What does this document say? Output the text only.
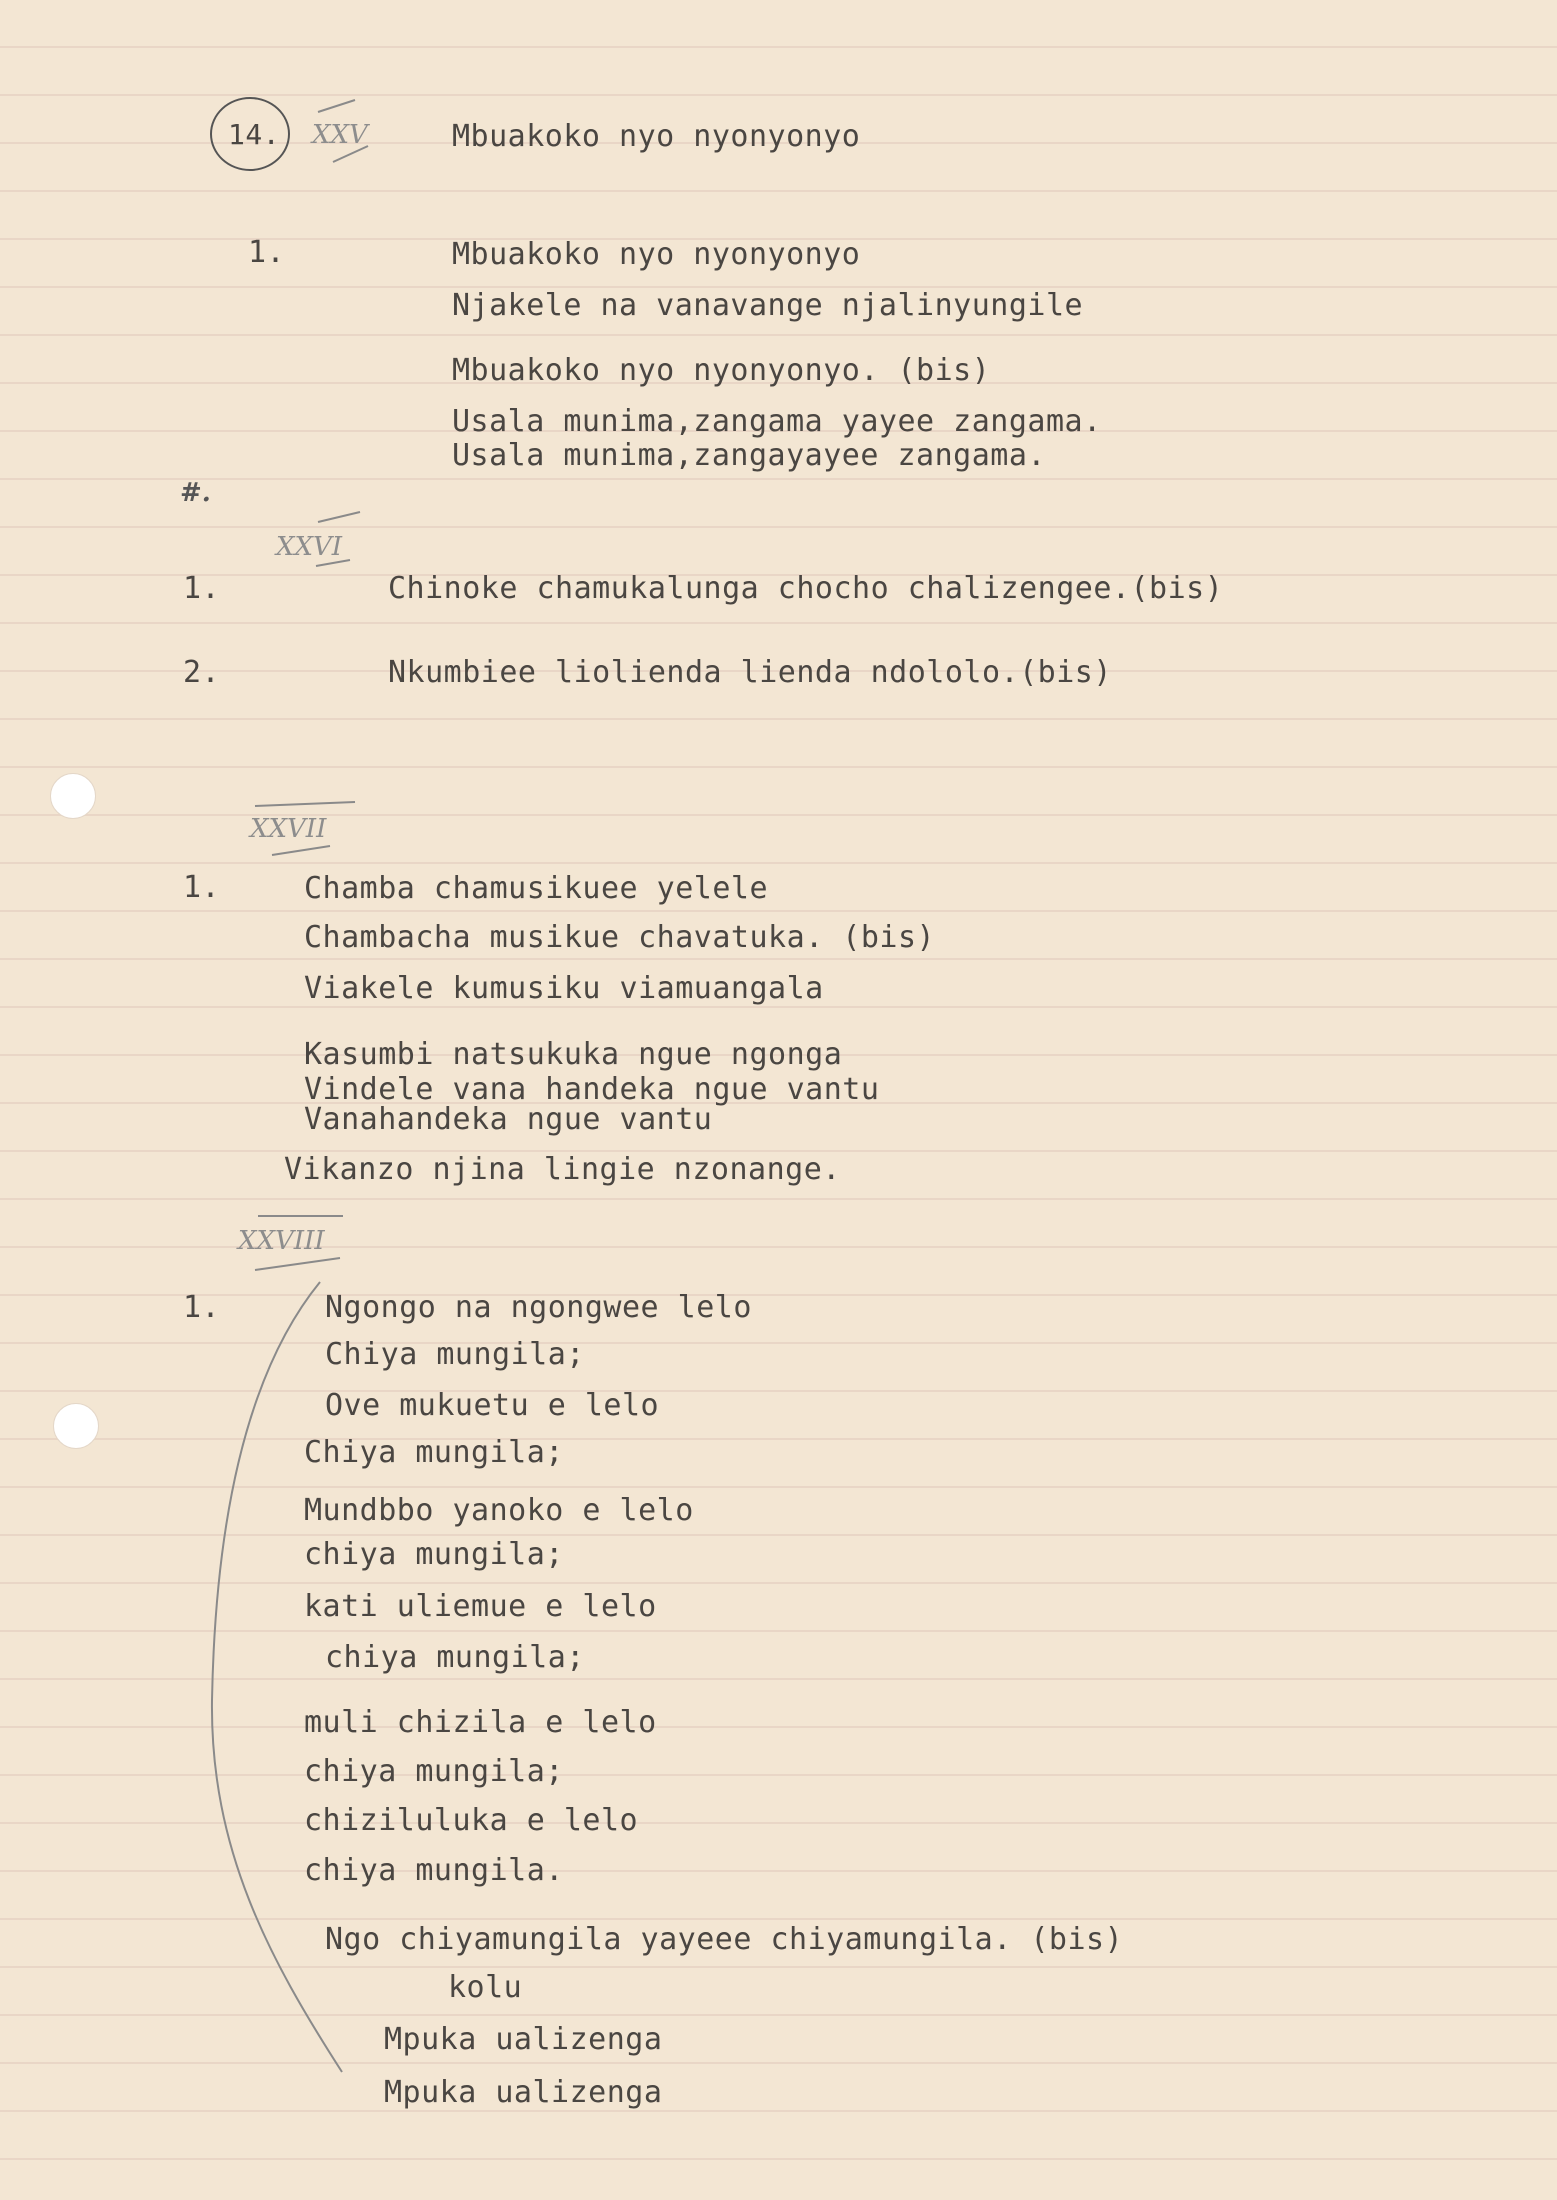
14. XXV	Mbuakoko nyo nyonyonyo
1.	Mbuakoko nyo nyonyonyo
Njakele na vanavange njalinyungile
Mbuakoko nyo nyonyonyo. (bis)
Usala munima,zangama yayee zangama.
Usala munima,zangayayee zangama.
#.
XXVI
1.	Chinoke chamukalunga chocho chalizengee.(bis)
2.	Nkumbiee liolienda lienda ndololo.(bis)
XXVII
1.	Chamba chamusikuee yelele
Chambacha musikue chavatuka. (bis)
Viakele kumusiku viamuangala
Kasumbi natsukuka ngue ngonga
Vindele vana handeka ngue vantu
Vanahandeka ngue vantu
Vikanzo njina lingie nzonange.
XXVIII
1.	Ngongo na ngongwee lelo
Chiya mungila;
Ove mukuetu e lelo
Chiya mungila;
Mundbbo yanoko e lelo
chiya mungila;
kati uliemue e lelo
chiya mungila;
muli chizila e lelo
chiya mungila;
chiziluluka e lelo
chiya mungila.
Ngo chiyamungila yayeee chiyamungila. (bis)
kolu
Mpuka ualizenga
Mpuka ualizenga
